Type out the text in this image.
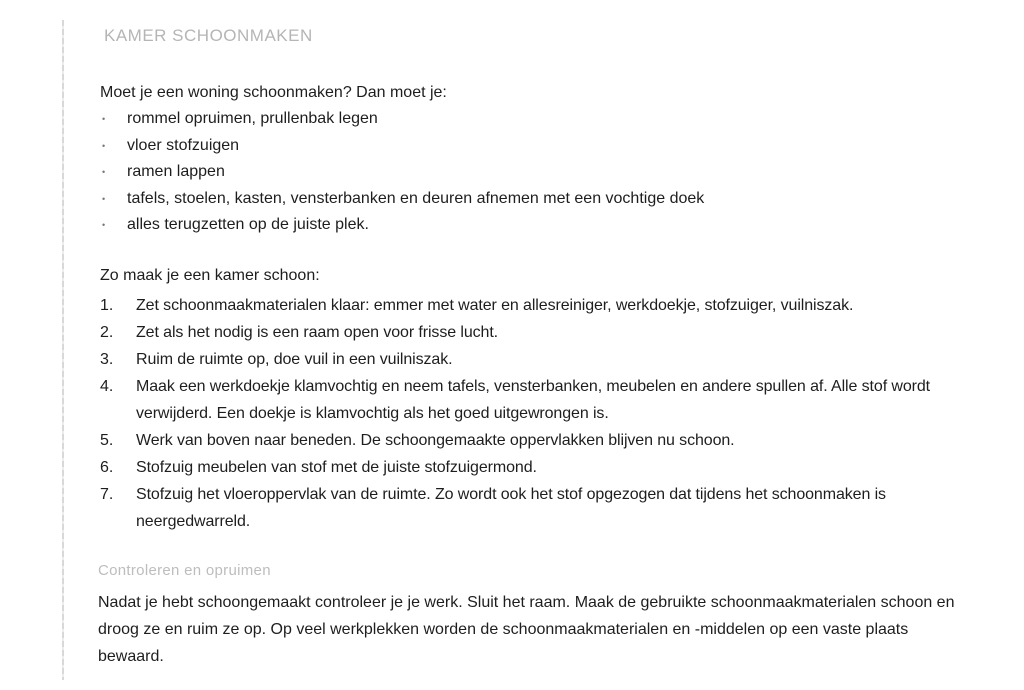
KAMER SCHOONMAKEN
Moet je een woning schoonmaken? Dan moet je:
• rommel opruimen, prullenbak legen
• vloer stofzuigen
• ramen lappen
• tafels, stoelen, kasten, vensterbanken en deuren afnemen met een vochtige doek
• alles terugzetten op de juiste plek.
Zo maak je een kamer schoon:
1. Zet schoonmaakmaterialen klaar: emmer met water en allesreiniger, werkdoekje, stofzuiger, vuilniszak.
2. Zet als het nodig is een raam open voor frisse lucht.
3. Ruim de ruimte op, doe vuil in een vuilniszak.
4. Maak een werkdoekje klamvochtig en neem tafels, vensterbanken, meubelen en andere spullen af. Alle stof wordt verwijderd. Een doekje is klamvochtig als het goed uitgewrongen is.
5. Werk van boven naar beneden. De schoongemaakte oppervlakken blijven nu schoon.
6. Stofzuig meubelen van stof met de juiste stofzuigermond.
7. Stofzuig het vloeroppervlak van de ruimte. Zo wordt ook het stof opgezogen dat tijdens het schoonmaken is neergedwarreld.
Controleren en opruimen
Nadat je hebt schoongemaakt controleer je je werk. Sluit het raam. Maak de gebruikte schoonmaakmaterialen schoon en droog ze en ruim ze op. Op veel werkplekken worden de schoonmaakmaterialen en -middelen op een vaste plaats bewaard.
